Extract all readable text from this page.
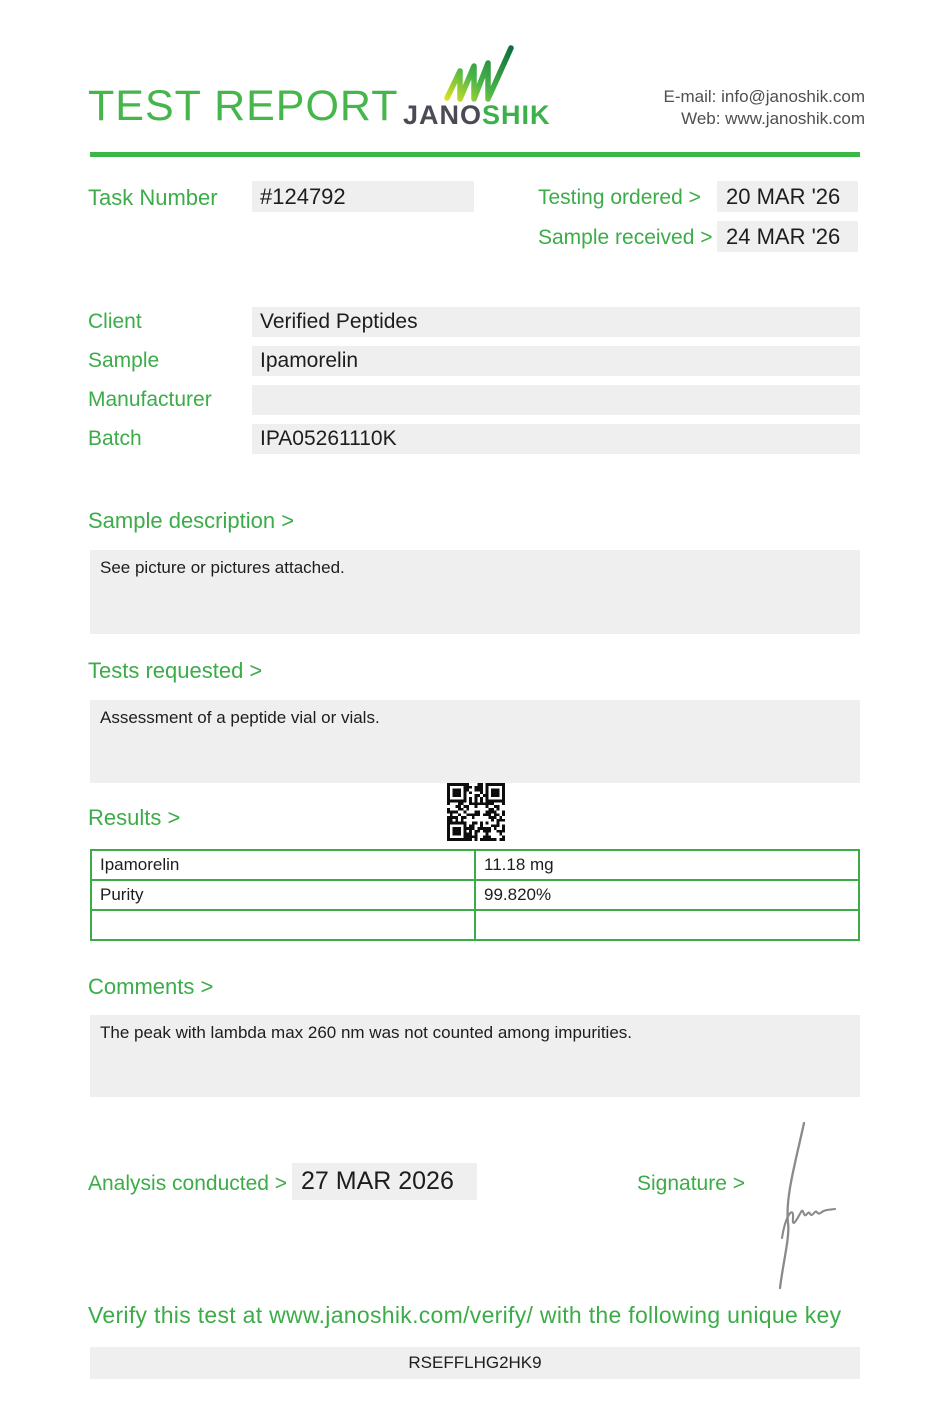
TEST REPORT JANOSHIK
E-mail: info@janoshik.com
Web: www.janoshik.com
Task Number	#124792	Testing ordered >	20 MAR '26
Sample received > 24 MAR '26
Client	Verified Peptides
Sample	Ipamorelin
Manufacturer
Batch	IPA05261110K
Sample description >
See picture or pictures attached.
Tests requested >
Assessment of a peptide vial or vials.
Results >
Ipamorelin	11.18 mg
Purity	99.820%

Comments >
The peak with lambda max 260 nm was not counted among impurities.
Analysis conducted > 27 MAR 2026	Signature >
Verify this test at www.janoshik.com/verify/ with the following unique key
RSEFFLHG2HK9
